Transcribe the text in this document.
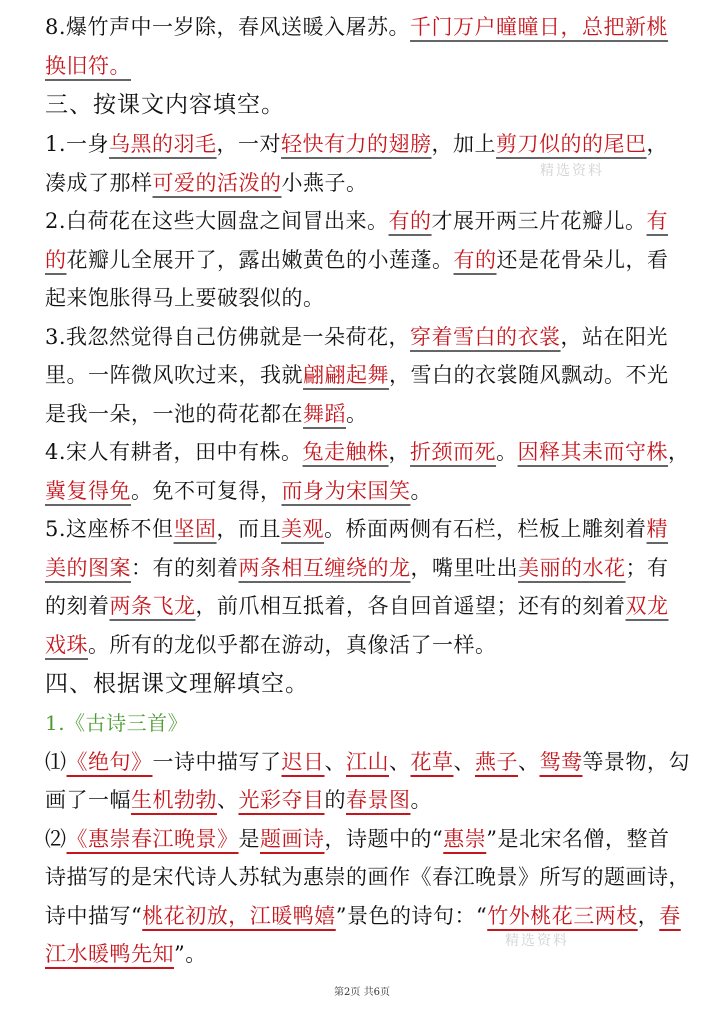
8.爆竹声中一岁除，春风送暖入屠苏。千门万户曈曈日，总把新桃
换旧符。
三、按课文内容填空。
1.一身乌黑的羽毛，一对轻快有力的翅膀，加上剪刀似的的尾巴，
凑成了那样可爱的活泼的小燕子。
2.白荷花在这些大圆盘之间冒出来。有的才展开两三片花瓣儿。有
的花瓣儿全展开了，露出嫩黄色的小莲蓬。有的还是花骨朵儿，看
起来饱胀得马上要破裂似的。
3.我忽然觉得自己仿佛就是一朵荷花，穿着雪白的衣裳，站在阳光
里。一阵微风吹过来，我就翩翩起舞，雪白的衣裳随风飘动。不光
是我一朵，一池的荷花都在舞蹈。
4.宋人有耕者，田中有株。兔走触株，折颈而死。因释其耒而守株，
冀复得免。免不可复得，而身为宋国笑。
5.这座桥不但坚固，而且美观。桥面两侧有石栏，栏板上雕刻着精
美的图案：有的刻着两条相互缠绕的龙，嘴里吐出美丽的水花；有
的刻着两条飞龙，前爪相互抵着，各自回首遥望；还有的刻着双龙
戏珠。所有的龙似乎都在游动，真像活了一样。
四、根据课文理解填空。
1.《古诗三首》
⑴《绝句》一诗中描写了迟日、江山、花草、燕子、鸳鸯等景物，勾
画了一幅生机勃勃、光彩夺目的春景图。
⑵《惠崇春江晚景》是题画诗，诗题中的“惠崇”是北宋名僧，整首
诗描写的是宋代诗人苏轼为惠崇的画作《春江晚景》所写的题画诗，
诗中描写“桃花初放，江暖鸭嬉”景色的诗句：“竹外桃花三两枝，春
江水暖鸭先知”。
精选资料
精选资料
第2页 共6页
